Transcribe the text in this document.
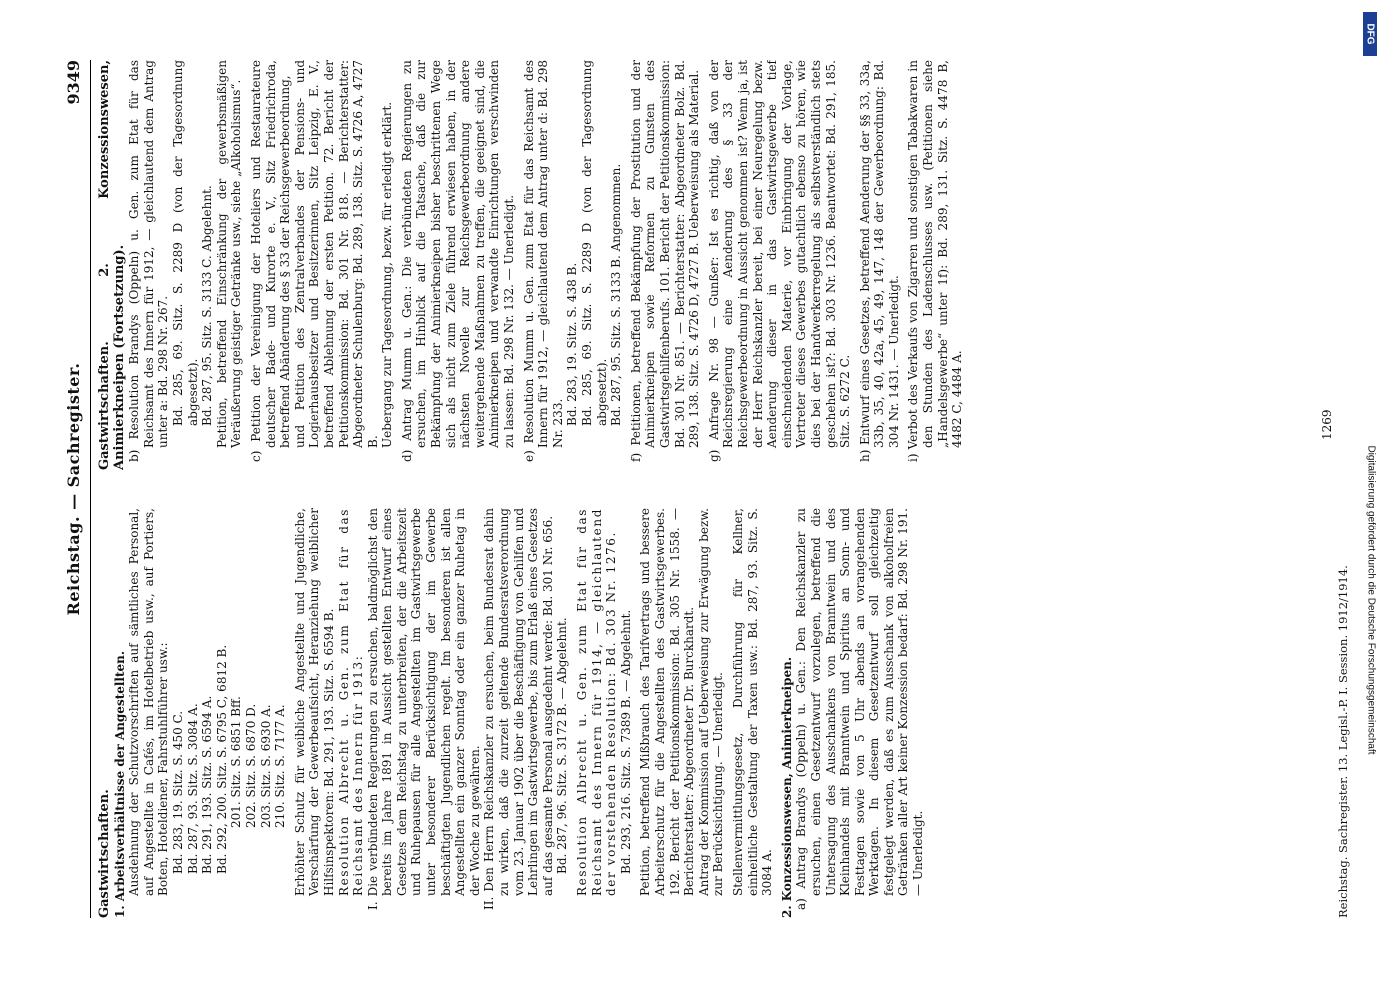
Reichstag. — Sachregister.
9349

Gastwirtschaften. 1. Arbeitsverhältnisse der Angestellten. Ausdehnung der Schutzvorschriften auf sämtliches Personal, auf Angestellte in Cafés, im Hotelbetrieb usw., auf Portiers, Boten, Hoteldiener, Fahrstuhlführer usw.: Bd. 283, 19. Sitz. S. 450 C. Bd. 287, 93. Sitz. S. 3084 A. Bd. 291, 193. Sitz. S. 6594 A. Bd. 292, 200. Sitz. S. 6795 C, 6812 B. 201. Sitz. S. 6851 Bff. 202. Sitz. S. 6870 D. 203. Sitz. S. 6930 A. 210. Sitz. S. 7177 A. Erhöhter Schutz für weibliche Angestellte und Jugendliche, Verschärfung der Gewerbeaufsicht, Heranziehung weiblicher Hilfsinspektoren: Bd. 291, 193. Sitz. S. 6594 B. Resolution Albrecht u. Gen. zum Etat für das Reichsamt des Innern für 1913: I. Die verbündeten Regierungen zu ersuchen, baldmöglichst den bereits im Jahre 1891 in Aussicht gestellten Entwurf eines Gesetzes dem Reichstag zu unterbreiten, der die Arbeitszeit und Ruhepausen für alle Angestellten im Gastwirtsgewerbe unter besonderer Berücksichtigung der im Gewerbe beschäftigten Jugendlichen regelt. Im besonderen ist allen Angestellten ein ganzer Sonntag oder ein ganzer Ruhetag in der Woche zu gewähren. II. Den Herrn Reichskanzler zu ersuchen, beim Bundesrat dahin zu wirken, daß die zurzeit geltende Bundesratsverordnung vom 23. Januar 1902 über die Beschäftigung von Gehilfen und Lehrlingen im Gastwirtsgewerbe, bis zum Erlaß eines Gesetzes auf das gesamte Personal ausgedehnt werde: Bd. 301 Nr. 656. Bd. 287, 96. Sitz. S. 3172 B. — Abgelehnt. Resolution Albrecht u. Gen. zum Etat für das Reichsamt des Innern für 1914, — gleichlautend der vorstehenden Resolution: Bd. 303 Nr. 1276. Bd. 293, 216. Sitz. S. 7389 B. — Abgelehnt. Petition, betreffend Mißbrauch des Tarifvertrags und bessere Arbeiterschutz für die Angestellten des Gastwirtsgewerbes. 192. Bericht der Petitionskommission: Bd. 305 Nr. 1558. — Berichterstatter: Abgeordneter Dr. Burckhardt. Antrag der Kommission auf Ueberweisung zur Erwägung bezw. zur Berücksichtigung. — Unerledigt. Stellenvermittlungsgesetz, Durchführung für Kellner, einheitliche Gestaltung der Taxen usw.: Bd. 287, 93. Sitz. S. 3084 A. 2. Konzessionswesen, Animierkneipen. a) Antrag Brandys (Oppeln) u. Gen.: Den Reichskanzler zu ersuchen, einen Gesetzentwurf vorzulegen, betreffend die Untersagung des Ausschankens von Branntwein und des Kleinhandels mit Branntwein und Spiritus an Sonn- und Festtagen sowie von 5 Uhr abends an vorangehenden Werktagen. In diesem Gesetzentwurf soll gleichzeitig festgelegt werden, daß es zum Ausschank von alkoholfreien Getränken aller Art keiner Konzession bedarf: Bd. 298 Nr. 191. — Unerledigt.

Gastwirtschaften. 2. Konzessionswesen, Animierkneipen (Fortsetzung). b) Resolution Brandys (Oppeln) u. Gen. zum Etat für das Reichsamt des Innern für 1912, — gleichlautend dem Antrag unter a: Bd. 298 Nr. 267. Bd. 285, 69. Sitz. S. 2289 D (von der Tagesordnung abgesetzt). Bd. 287, 95. Sitz. S. 3133 C. Abgelehnt. Petition, betreffend Einschränkung der gewerbsmäßigen Veräußerung geistiger Getränke usw., siehe „Alkoholismus“. c) Petition der Vereinigung der Hoteliers und Restaurateure deutscher Bade- und Kurorte e. V., Sitz Friedrichroda, betreffend Abänderung des § 33 der Reichsgewerbeordnung, und Petition des Zentralverbandes der Pensions- und Logierhausbesitzer und Besitzerinnen, Sitz Leipzig, E. V., betreffend Ablehnung der ersten Petition. 72. Bericht der Petitionskommission: Bd. 301 Nr. 818. — Berichterstatter: Abgeordneter Schulenburg: Bd. 289, 138. Sitz. S. 4726 A, 4727 B. Uebergang zur Tagesordnung, bezw. für erledigt erklärt. d) Antrag Mumm u. Gen.: Die verbündeten Regierungen zu ersuchen, im Hinblick auf die Tatsache, daß die zur Bekämpfung der Animierkneipen bisher beschrittenen Wege sich als nicht zum Ziele führend erwiesen haben, in der nächsten Novelle zur Reichsgewerbeordnung andere weitergehende Maßnahmen zu treffen, die geeignet sind, die Animierkneipen und verwandte Einrichtungen verschwinden zu lassen: Bd. 298 Nr. 132. — Unerledigt. e) Resolution Mumm u. Gen. zum Etat für das Reichsamt des Innern für 1912, — gleichlautend dem Antrag unter d: Bd. 298 Nr. 233. Bd. 283, 19. Sitz. S. 438 B. Bd. 285, 69. Sitz. S. 2289 D (von der Tagesordnung abgesetzt). Bd. 287, 95. Sitz. S. 3133 B. Angenommen. f) Petitionen, betreffend Bekämpfung der Prostitution und der Animierkneipen sowie Reformen zu Gunsten des Gastwirtsgehilfenberufs. 101. Bericht der Petitionskommission: Bd. 301 Nr. 851. — Berichterstatter: Abgeordneter Bolz. Bd. 289, 138. Sitz. S. 4726 D, 4727 B. Ueberweisung als Material. g) Anfrage Nr. 98 — Gunßer: Ist es richtig, daß von der Reichsregierung eine Aenderung des § 33 der Reichsgewerbeordnung in Aussicht genommen ist? Wenn ja, ist der Herr Reichskanzler bereit, bei einer Neuregelung bezw. Aenderung dieser in das Gastwirtsgewerbe tief einschneidenden Materie, vor Einbringung der Vorlage, Vertreter dieses Gewerbes gutachtlich ebenso zu hören, wie dies bei der Handwerkerregelung als selbstverständlich stets geschehen ist?: Bd. 303 Nr. 1236. Beantwortet: Bd. 291, 185. Sitz. S. 6272 C. h) Entwurf eines Gesetzes, betreffend Aenderung der §§ 33, 33a, 33b, 35, 40, 42a, 45, 49, 147, 148 der Gewerbeordnung: Bd. 304 Nr. 1431. — Unerledigt. i) Verbot des Verkaufs von Zigarren und sonstigen Tabakwaren in den Stunden des Ladenschlusses usw. (Petitionen siehe „Handelsgewerbe“ unter 1f): Bd. 289, 131. Sitz. S. 4478 B, 4482 C, 4484 A.	1269
Reichstag. Sachregister. 13. Legisl.-P. I. Session. 1912/1914.
DFG
Digitalisierung gefördert durch die Deutsche Forschungsgemeinschaft
